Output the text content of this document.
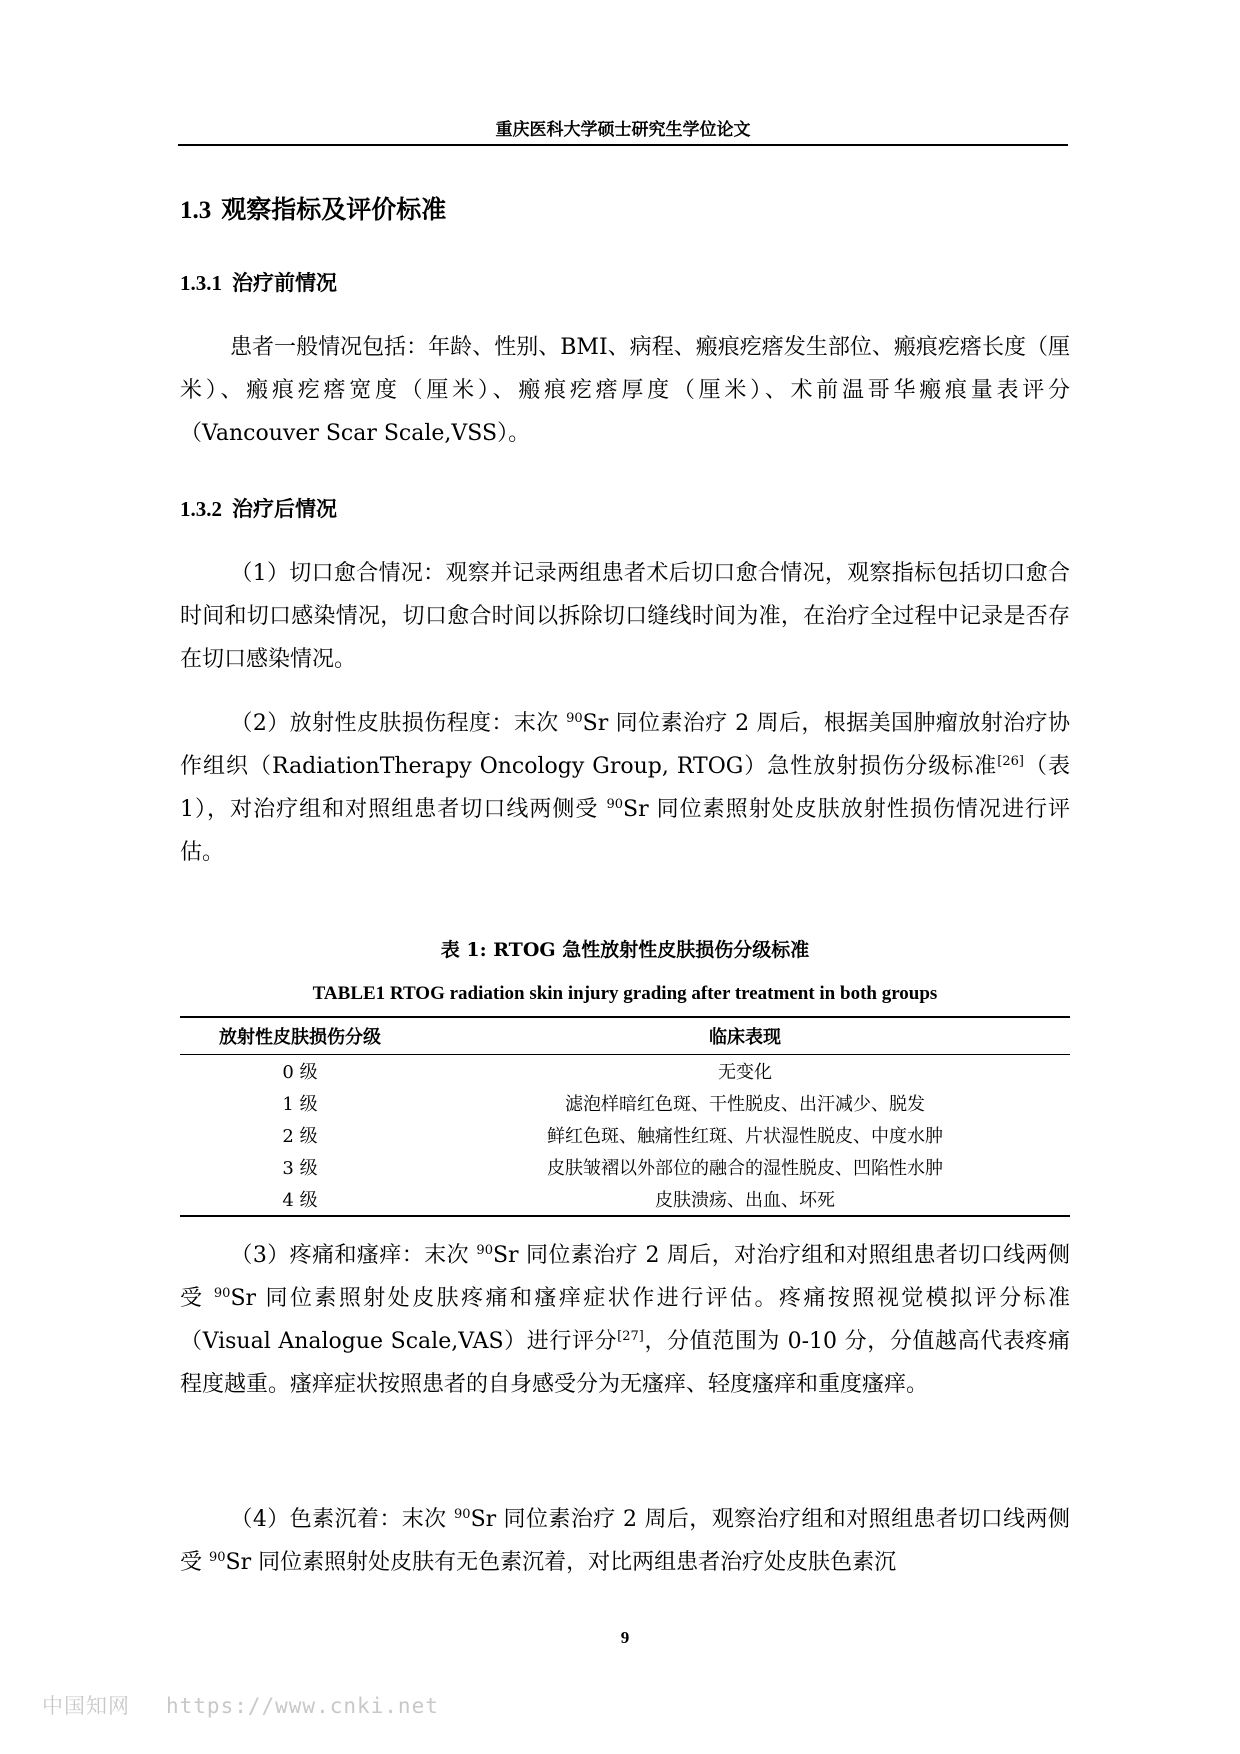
重庆医科大学硕士研究生学位论文
1.3 观察指标及评价标准
1.3.1 治疗前情况
患者一般情况包括：年龄、性别、BMI、病程、瘢痕疙瘩发生部位、瘢痕疙瘩长度（厘米）、瘢痕疙瘩宽度（厘米）、瘢痕疙瘩厚度（厘米）、术前温哥华瘢痕量表评分（Vancouver Scar Scale,VSS）。
1.3.2 治疗后情况
（1）切口愈合情况：观察并记录两组患者术后切口愈合情况，观察指标包括切口愈合时间和切口感染情况，切口愈合时间以拆除切口缝线时间为准，在治疗全过程中记录是否存在切口感染情况。
（2）放射性皮肤损伤程度：末次 $^{90}$Sr 同位素治疗 2 周后，根据美国肿瘤放射治疗协作组织（RadiationTherapy Oncology Group, RTOG）急性放射损伤分级标准[26]（表 1），对治疗组和对照组患者切口线两侧受 $^{90}$Sr 同位素照射处皮肤放射性损伤情况进行评估。
表 1: RTOG 急性放射性皮肤损伤分级标准
TABLE1 RTOG radiation skin injury grading after treatment in both groups
放射性皮肤损伤分级	临床表现
0 级	无变化
1 级	滤泡样暗红色斑、干性脱皮、出汗减少、脱发
2 级	鲜红色斑、触痛性红斑、片状湿性脱皮、中度水肿
3 级	皮肤皱褶以外部位的融合的湿性脱皮、凹陷性水肿
4 级	皮肤溃疡、出血、坏死
（3）疼痛和瘙痒：末次 $^{90}$Sr 同位素治疗 2 周后，对治疗组和对照组患者切口线两侧受 $^{90}$Sr 同位素照射处皮肤疼痛和瘙痒症状作进行评估。疼痛按照视觉模拟评分标准（Visual Analogue Scale,VAS）进行评分[27]，分值范围为 0-10 分，分值越高代表疼痛程度越重。瘙痒症状按照患者的自身感受分为无瘙痒、轻度瘙痒和重度瘙痒。
（4）色素沉着：末次 $^{90}$Sr 同位素治疗 2 周后，观察治疗组和对照组患者切口线两侧受 $^{90}$Sr 同位素照射处皮肤有无色素沉着，对比两组患者治疗处皮肤色素沉
9
中国知网 https://www.cnki.net
